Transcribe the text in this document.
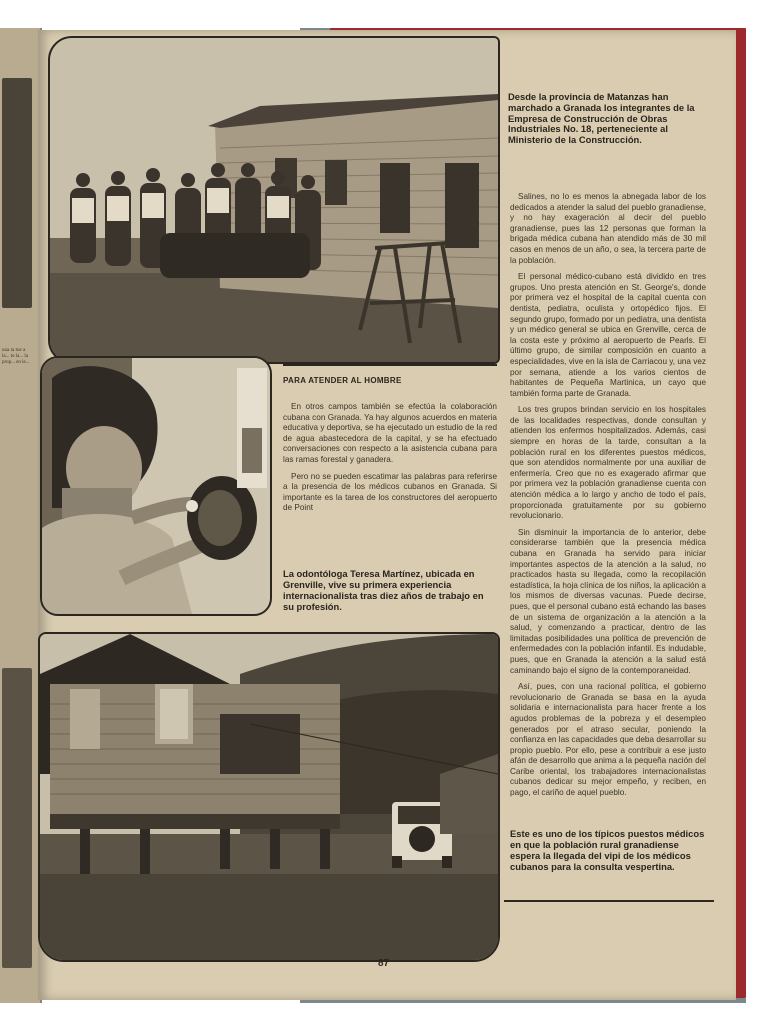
una la fue a la... to la... la prop... en le...
Desde la provincia de Matanzas han marchado a Granada los integrantes de la Empresa de Construcción de Obras Industriales No. 18, perteneciente al Ministerio de la Construcción.

Salines, no lo es menos la abnegada labor de los dedicados a atender la salud del pueblo granadiense, y no hay exageración al decir del pueblo granadiense, pues las 12 personas que forman la brigada médica cubana han atendido más de 30 mil casos en menos de un año, o sea, la tercera parte de la población.

El personal médico-cubano está dividido en tres grupos. Uno presta atención en St. George's, donde por primera vez el hospital de la capital cuenta con dentista, pediatra, oculista y ortopédico fijos. El segundo grupo, formado por un pediatra, una dentista y un médico general se ubica en Grenville, cerca de la costa este y próximo al aeropuerto de Pearls. El último grupo, de similar composición en cuanto a especialidades, vive en la isla de Carriacou y, una vez por semana, atiende a los varios cientos de habitantes de Pequeña Martinica, un cayo que también forma parte de Granada.

Los tres grupos brindan servicio en los hospitales de las localidades respectivas, donde consultan y atienden los enfermos hospitalizados. Además, casi siempre en horas de la tarde, consultan a la población rural en los diferentes puestos médicos, que son atendidos normalmente por una auxiliar de enfermería. Creo que no es exagerado afirmar que por primera vez la población granadiense cuenta con atención médica a lo largo y ancho de todo el país, proporcionada gratuitamente por su gobierno revolucionario.

Sin disminuir la importancia de lo anterior, debe considerarse también que la presencia médica cubana en Granada ha servido para iniciar importantes aspectos de la atención a la salud, no practicados hasta su llegada, como la recopilación estadística, la hoja clínica de los niños, la aplicación a los mismos de diversas vacunas. Puede decirse, pues, que el personal cubano está echando las bases de un sistema de organización a la atención a la salud, y comenzando a practicar, dentro de las limitadas posibilidades una política de prevención de enfermedades con la población infantil. Es indudable, pues, que en Granada la atención a la salud está caminando bajo el signo de la contemporaneidad.

Así, pues, con una racional política, el gobierno revolucionario de Granada se basa en la ayuda solidaria e internacionalista para hacer frente a los agudos problemas de la pobreza y el desempleo generados por el atraso secular, poniendo la confianza en las capacidades que deba desarrollar su propio pueblo. Por ello, pese a contribuir a ese justo afán de desarrollo que anima a la pequeña nación del Caribe oriental, los trabajadores internacionalistas cubanos dedicar su mejor empeño, y reciben, en pago, el cariño de aquel pueblo.

PARA ATENDER AL HOMBRE

En otros campos también se efectúa la colaboración cubana con Granada. Ya hay algunos acuerdos en materia educativa y deportiva, se ha ejecutado un estudio de la red de agua abastecedora de la capital, y se ha efectuado conversaciones con respecto a la asistencia cubana para las ramas forestal y ganadera.

Pero no se pueden escatimar las palabras para referirse a la presencia de los médicos cubanos en Granada. Si importante es la tarea de los constructores del aeropuerto de Point

La odontóloga Teresa Martínez, ubicada en Grenville, vive su primera experiencia internacionalista tras diez años de trabajo en su profesión.
Este es uno de los típicos puestos médicos en que la población rural granadiense espera la llegada del vipi de los médicos cubanos para la consulta vespertina.
87
